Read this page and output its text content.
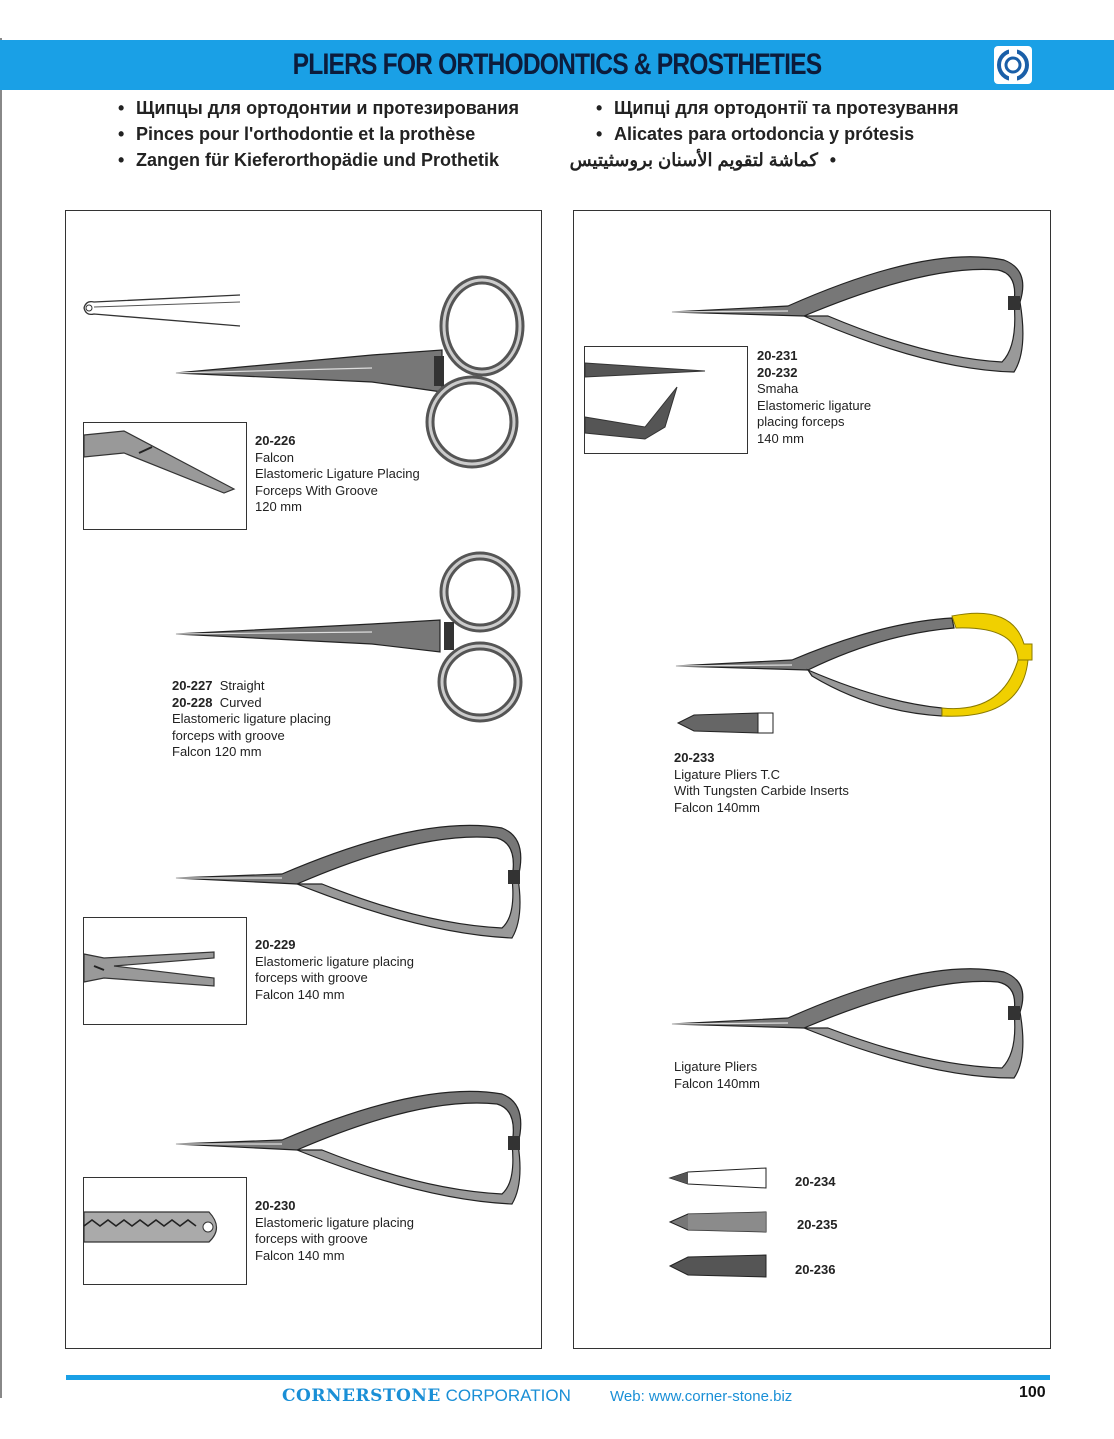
PLIERS FOR ORTHODONTICS & PROSTHETIES
• Щипцы для ортодонтии и протезирования
• Pinces pour l'orthodontie et la prothèse
• Zangen für Kieferorthopädie und Prothetik
• Щипці для ортодонтії та протезування
• Alicates para ortodoncia y prótesis
•كماشة لتقويم الأسنان بروسثيتيس
20-226
Falcon
Elastomeric Ligature Placing
Forceps With Groove
120 mm
20-227 Straight
20-228 Curved
Elastomeric ligature placing
forceps with groove
Falcon 120 mm
20-229
Elastomeric ligature placing
forceps with groove
Falcon 140 mm
20-230
Elastomeric ligature placing
forceps with groove
Falcon 140 mm
20-231
20-232
Smaha
Elastomeric ligature
placing forceps
140 mm
20-233
Ligature Pliers T.C
With Tungsten Carbide Inserts
Falcon 140mm
Ligature Pliers
Falcon 140mm
20-234
20-235
20-236
CORNERSTONE CORPORATION	Web: www.corner-stone.biz	100
